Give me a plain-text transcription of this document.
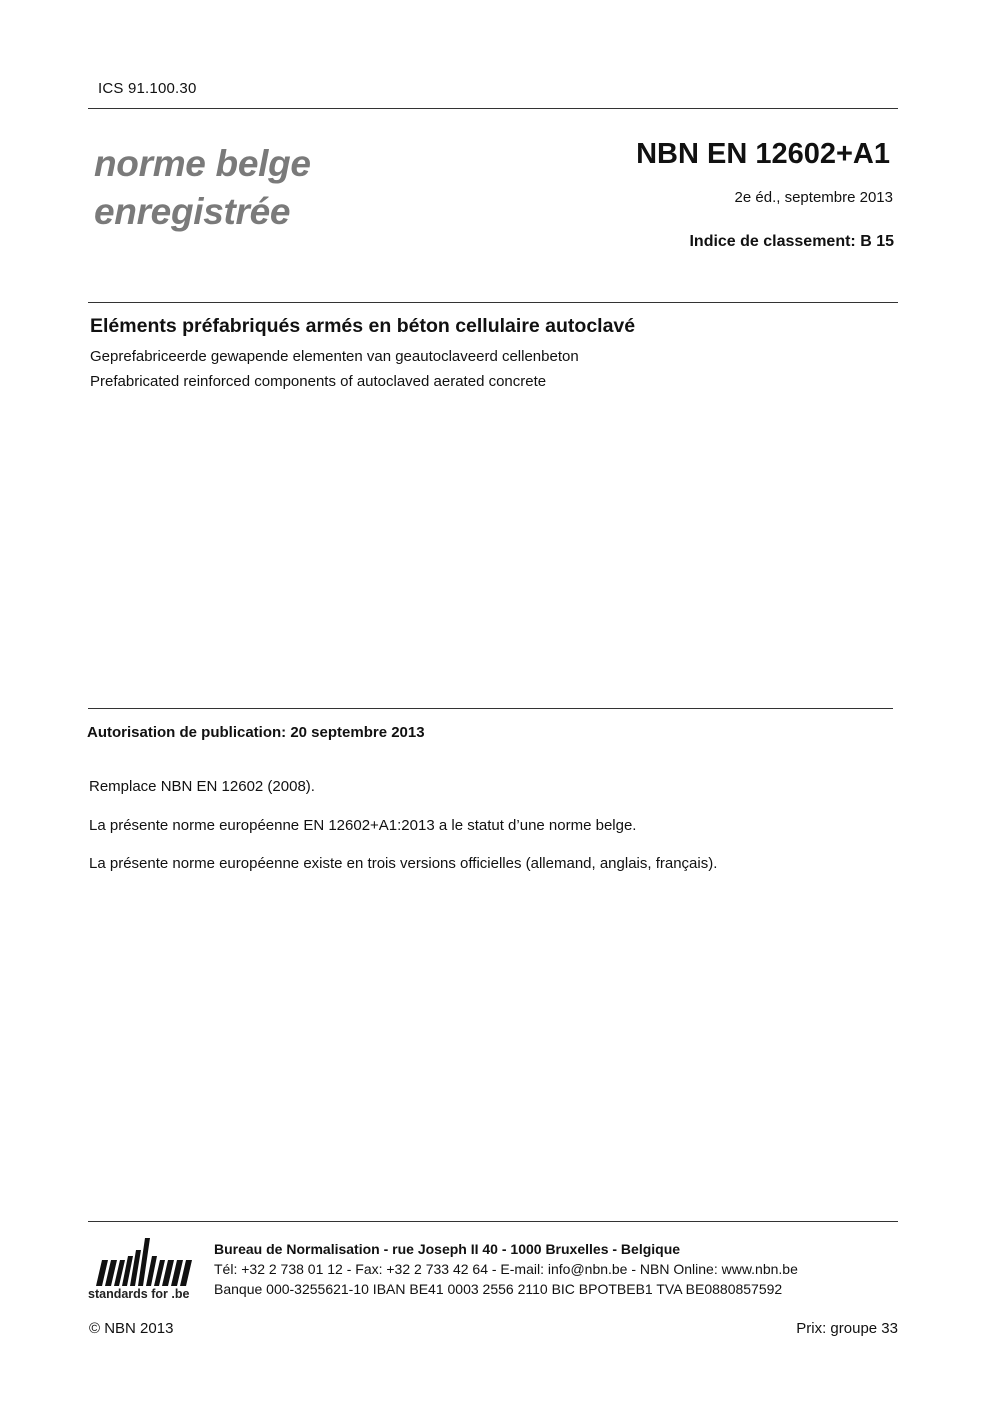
ICS 91.100.30
norme belge
enregistrée
NBN EN 12602+A1
2e éd., septembre 2013
Indice de classement: B 15
Eléments préfabriqués armés en béton cellulaire autoclavé
Geprefabriceerde gewapende elementen van geautoclaveerd cellenbeton
Prefabricated reinforced components of autoclaved aerated concrete
Autorisation de publication: 20 septembre 2013
Remplace NBN EN 12602 (2008).
La présente norme européenne EN 12602+A1:2013 a le statut d’une norme belge.
La présente norme européenne existe en trois versions officielles (allemand, anglais, français).
standards for .be
Bureau de Normalisation - rue Joseph II 40 - 1000 Bruxelles - Belgique
Tél: +32 2 738 01 12 - Fax: +32 2 733 42 64 - E-mail: info@nbn.be - NBN Online: www.nbn.be
Banque 000-3255621-10 IBAN BE41 0003 2556 2110 BIC BPOTBEB1 TVA BE0880857592
© NBN 2013	Prix: groupe 33
